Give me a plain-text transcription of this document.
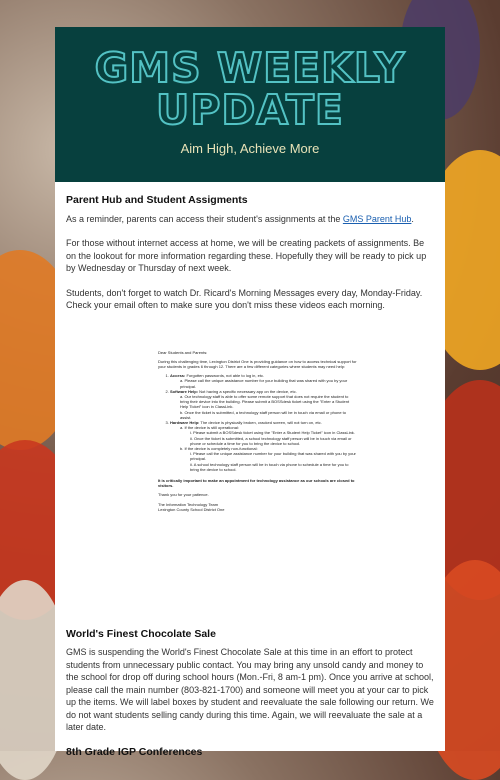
GMS WEEKLY UPDATE
Aim High, Achieve More
Parent Hub and Student Assigments

As a reminder, parents can access their student's assignments at the GMS Parent Hub.

For those without internet access at home, we will be creating packets of assignments. Be on the lookout for more information regarding these. Hopefully they will be ready to pick up by Wednesday or Thursday of next week.

Students, don't forget to watch Dr. Ricard's Morning Messages every day, Monday-Friday. Check your email often to make sure you don't miss these videos each morning.

Dear Students and Parents:

During this challenging time, Lexington District One is providing guidance on how to access technical support for your students in grades 6 through 12. There are a few different categories where students may need help:

1. Access: Forgotten passwords, not able to log in, etc.
a. Please call the unique assistance number for your building that was shared with you by your principal.
2. Software Help: Not having a specific necessary app on the device, etc.
a. Our technology staff is able to offer some remote support that does not require the student to bring their device into the building. Please submit a BOSSdesk ticket using the "Enter a Student Help Ticket" icon in ClassLink.
b. Once the ticket is submitted, a technology staff person will be in touch via email or phone to assist.
3. Hardware Help: The device is physically broken, cracked screen, will not turn on, etc.
a. If the device is still operational:
i. Please submit a BOSSdesk ticket using the "Enter a Student Help Ticket" icon in ClassLink.
ii. Once the ticket is submitted, a school technology staff person will be in touch via email or phone or schedule a time for you to bring the device to school.
b. If the device is completely non-functional:
i. Please call the unique assistance number for your building that was shared with you by your principal.
ii. A school technology staff person will be in touch via phone to schedule a time for you to bring the device to school.

It is critically important to make an appointment for technology assistance as our schools are closed to visitors.

Thank you for your patience.

The Information Technology Team

Lexington County School District One

World's Finest Chocolate Sale

GMS is suspending the World's Finest Chocolate Sale at this time in an effort to protect students from unnecessary public contact. You may bring any unsold candy and money to the school for drop off during school hours (Mon.-Fri, 8 am-1 pm). Once you arrive at school, please call the main number (803-821-1700) and someone will meet you at your car to pick up the items. We will label boxes by student and reevaluate the sale following our return. We do not want students selling candy during this time. Again, we will reevaluate the sale at a later date.

8th Grade IGP Conferences
